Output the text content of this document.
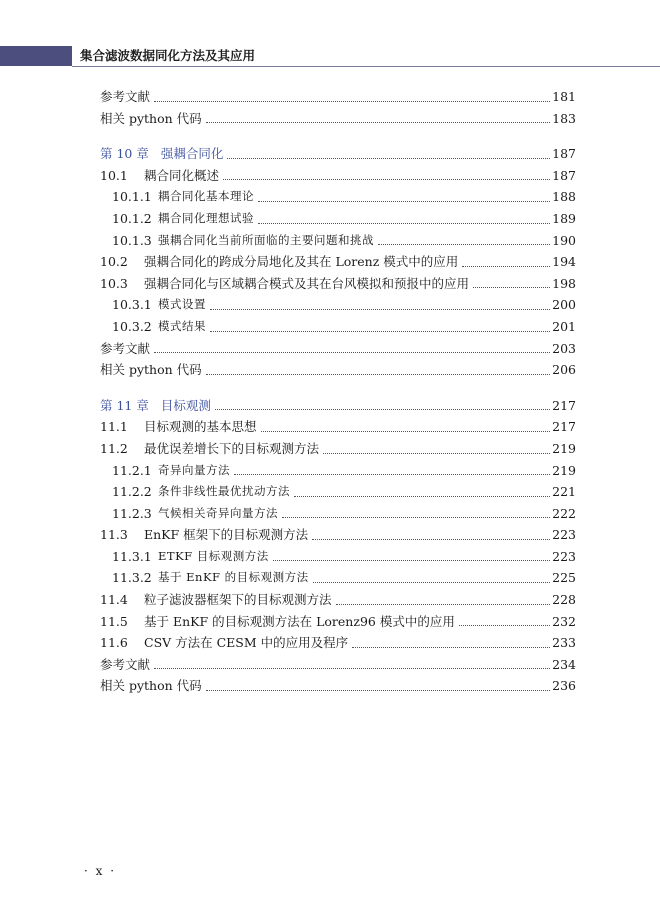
集合滤波数据同化方法及其应用
参考文献	181
相关 python 代码	183
第 10 章 强耦合同化	187
10.1	耦合同化概述	187
10.1.1 耦合同化基本理论	188
10.1.2 耦合同化理想试验	189
10.1.3 强耦合同化当前所面临的主要问题和挑战	190
10.2	强耦合同化的跨成分局地化及其在 Lorenz 模式中的应用	194
10.3	强耦合同化与区域耦合模式及其在台风模拟和预报中的应用	198
10.3.1 模式设置	200
10.3.2 模式结果	201
参考文献	203
相关 python 代码	206
第 11 章 目标观测	217
11.1	目标观测的基本思想	217
11.2	最优误差增长下的目标观测方法	219
11.2.1 奇异向量方法	219
11.2.2 条件非线性最优扰动方法	221
11.2.3 气候相关奇异向量方法	222
11.3	EnKF 框架下的目标观测方法	223
11.3.1 ETKF 目标观测方法	223
11.3.2 基于 EnKF 的目标观测方法	225
11.4	粒子滤波器框架下的目标观测方法	228
11.5	基于 EnKF 的目标观测方法在 Lorenz96 模式中的应用	232
11.6	CSV 方法在 CESM 中的应用及程序	233
参考文献	234
相关 python 代码	236
· x ·
